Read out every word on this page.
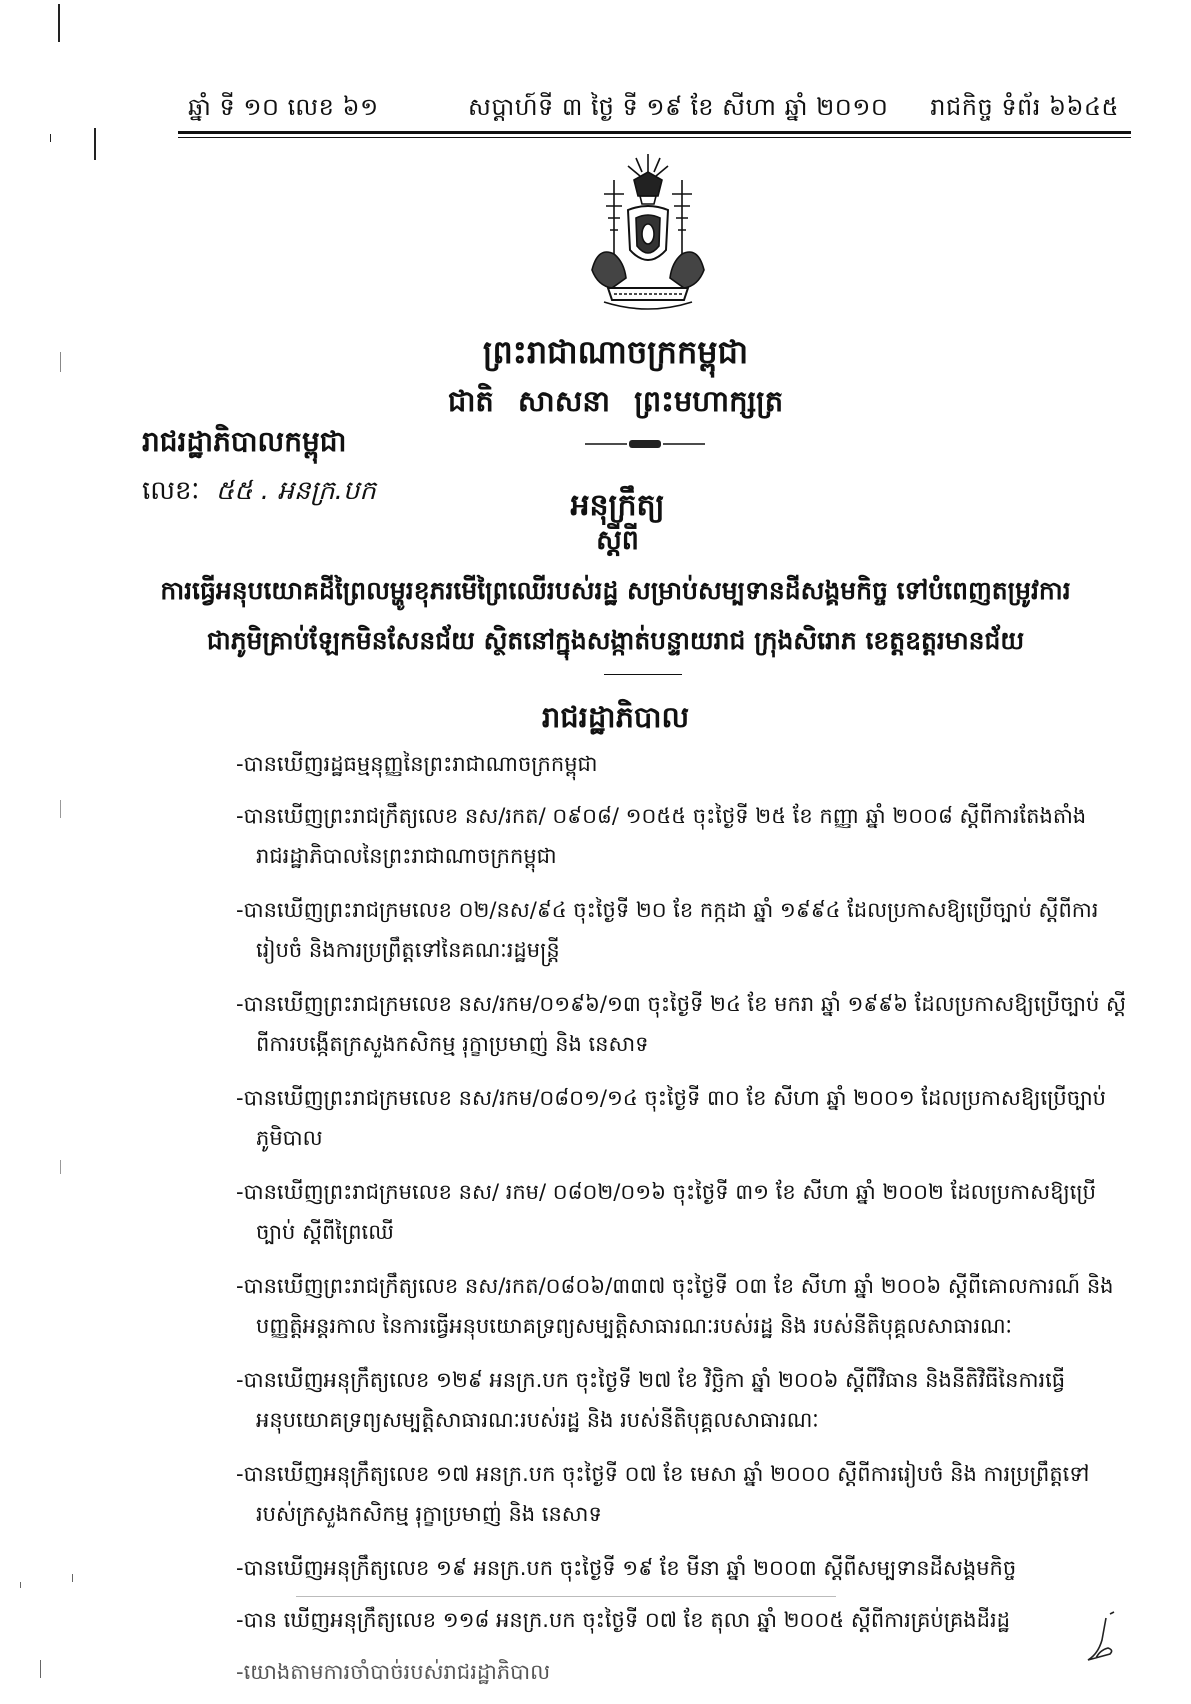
ឆ្នាំ ទី ១០ លេខ ៦១	សប្ដាហ៍ទី ៣ ថ្ងៃ ទី ១៩ ខែ សីហា ឆ្នាំ ២០១០ រាជកិច្ច ទំព័រ ៦៦៤៥
ព្រះរាជាណាចក្រកម្ពុជា
ជាតិ សាសនា ព្រះមហាក្សត្រ
រាជរដ្ឋាភិបាលកម្ពុជា
លេខៈ ៥៥ . អនក្រ.បក	អនុក្រឹត្យ
ស្តីពី
ការធ្វើអនុបយោគដីព្រៃលម្ហូរខុភរមើព្រៃឈើរបស់រដ្ឋ សម្រាប់សម្បទានដីសង្គមកិច្ច ទៅបំពេញតម្រូវការ
ជាភូមិគ្រាប់ឡែកមិនសែនជ័យ ស្ថិតនៅក្នុងសង្កាត់បន្ទាយរាជ ក្រុងសិរោភ ខេត្តឧត្តរមានជ័យ
រាជរដ្ឋាភិបាល
-បានឃើញរដ្ឋធម្មនុញ្ញនៃព្រះរាជាណាចក្រកម្ពុជា
-បានឃើញព្រះរាជក្រឹត្យលេខ នស/រកត/ ០៩០៨/ ១០៥៥ ចុះថ្ងៃទី ២៥ ខែ កញ្ញា ឆ្នាំ ២០០៨ ស្តីពីការតែងតាំង
រាជរដ្ឋាភិបាលនៃព្រះរាជាណាចក្រកម្ពុជា
-បានឃើញព្រះរាជក្រមលេខ ០២/នស/៩៤ ចុះថ្ងៃទី ២០ ខែ កក្កដា ឆ្នាំ ១៩៩៤ ដែលប្រកាសឱ្យប្រើច្បាប់ ស្តីពីការ
រៀបចំ និងការប្រព្រឹត្តទៅនៃគណៈរដ្ឋមន្ត្រី
-បានឃើញព្រះរាជក្រមលេខ នស/រកម/០១៩៦/១៣ ចុះថ្ងៃទី ២៤ ខែ មករា ឆ្នាំ ១៩៩៦ ដែលប្រកាសឱ្យប្រើច្បាប់ ស្តី
ពីការបង្កើតក្រសួងកសិកម្ម រុក្ខាប្រមាញ់ និង នេសាទ
-បានឃើញព្រះរាជក្រមលេខ នស/រកម/០៨០១/១៤ ចុះថ្ងៃទី ៣០ ខែ សីហា ឆ្នាំ ២០០១ ដែលប្រកាសឱ្យប្រើច្បាប់
ភូមិបាល
-បានឃើញព្រះរាជក្រមលេខ នស/ រកម/ ០៨០២/០១៦ ចុះថ្ងៃទី ៣១ ខែ សីហា ឆ្នាំ ២០០២ ដែលប្រកាសឱ្យប្រើ
ច្បាប់ ស្តីពីព្រៃឈើ
-បានឃើញព្រះរាជក្រឹត្យលេខ នស/រកត/០៨០៦/៣៣៧ ចុះថ្ងៃទី ០៣ ខែ សីហា ឆ្នាំ ២០០៦ ស្តីពីគោលការណ៍ និង
បញ្ញត្តិអន្តរកាល នៃការធ្វើអនុបយោគទ្រព្យសម្បត្តិសាធារណៈរបស់រដ្ឋ និង របស់នីតិបុគ្គលសាធារណៈ
-បានឃើញអនុក្រឹត្យលេខ ១២៩ អនក្រ.បក ចុះថ្ងៃទី ២៧ ខែ វិច្ឆិកា ឆ្នាំ ២០០៦ ស្តីពីវិធាន និងនីតិវិធីនៃការធ្វើ
អនុបយោគទ្រព្យសម្បត្តិសាធារណៈរបស់រដ្ឋ និង របស់នីតិបុគ្គលសាធារណៈ
-បានឃើញអនុក្រឹត្យលេខ ១៧ អនក្រ.បក ចុះថ្ងៃទី ០៧ ខែ មេសា ឆ្នាំ ២០០០ ស្តីពីការរៀបចំ និង ការប្រព្រឹត្តទៅ
របស់ក្រសួងកសិកម្ម រុក្ខាប្រមាញ់ និង នេសាទ
-បានឃើញអនុក្រឹត្យលេខ ១៩ អនក្រ.បក ចុះថ្ងៃទី ១៩ ខែ មីនា ឆ្នាំ ២០០៣ ស្តីពីសម្បទានដីសង្គមកិច្ច
-បាន ឃើញអនុក្រឹត្យលេខ ១១៨ អនក្រ.បក ចុះថ្ងៃទី ០៧ ខែ តុលា ឆ្នាំ ២០០៥ ស្តីពីការគ្រប់គ្រងដីរដ្ឋ
-យោងតាមការចាំបាច់របស់រាជរដ្ឋាភិបាល
